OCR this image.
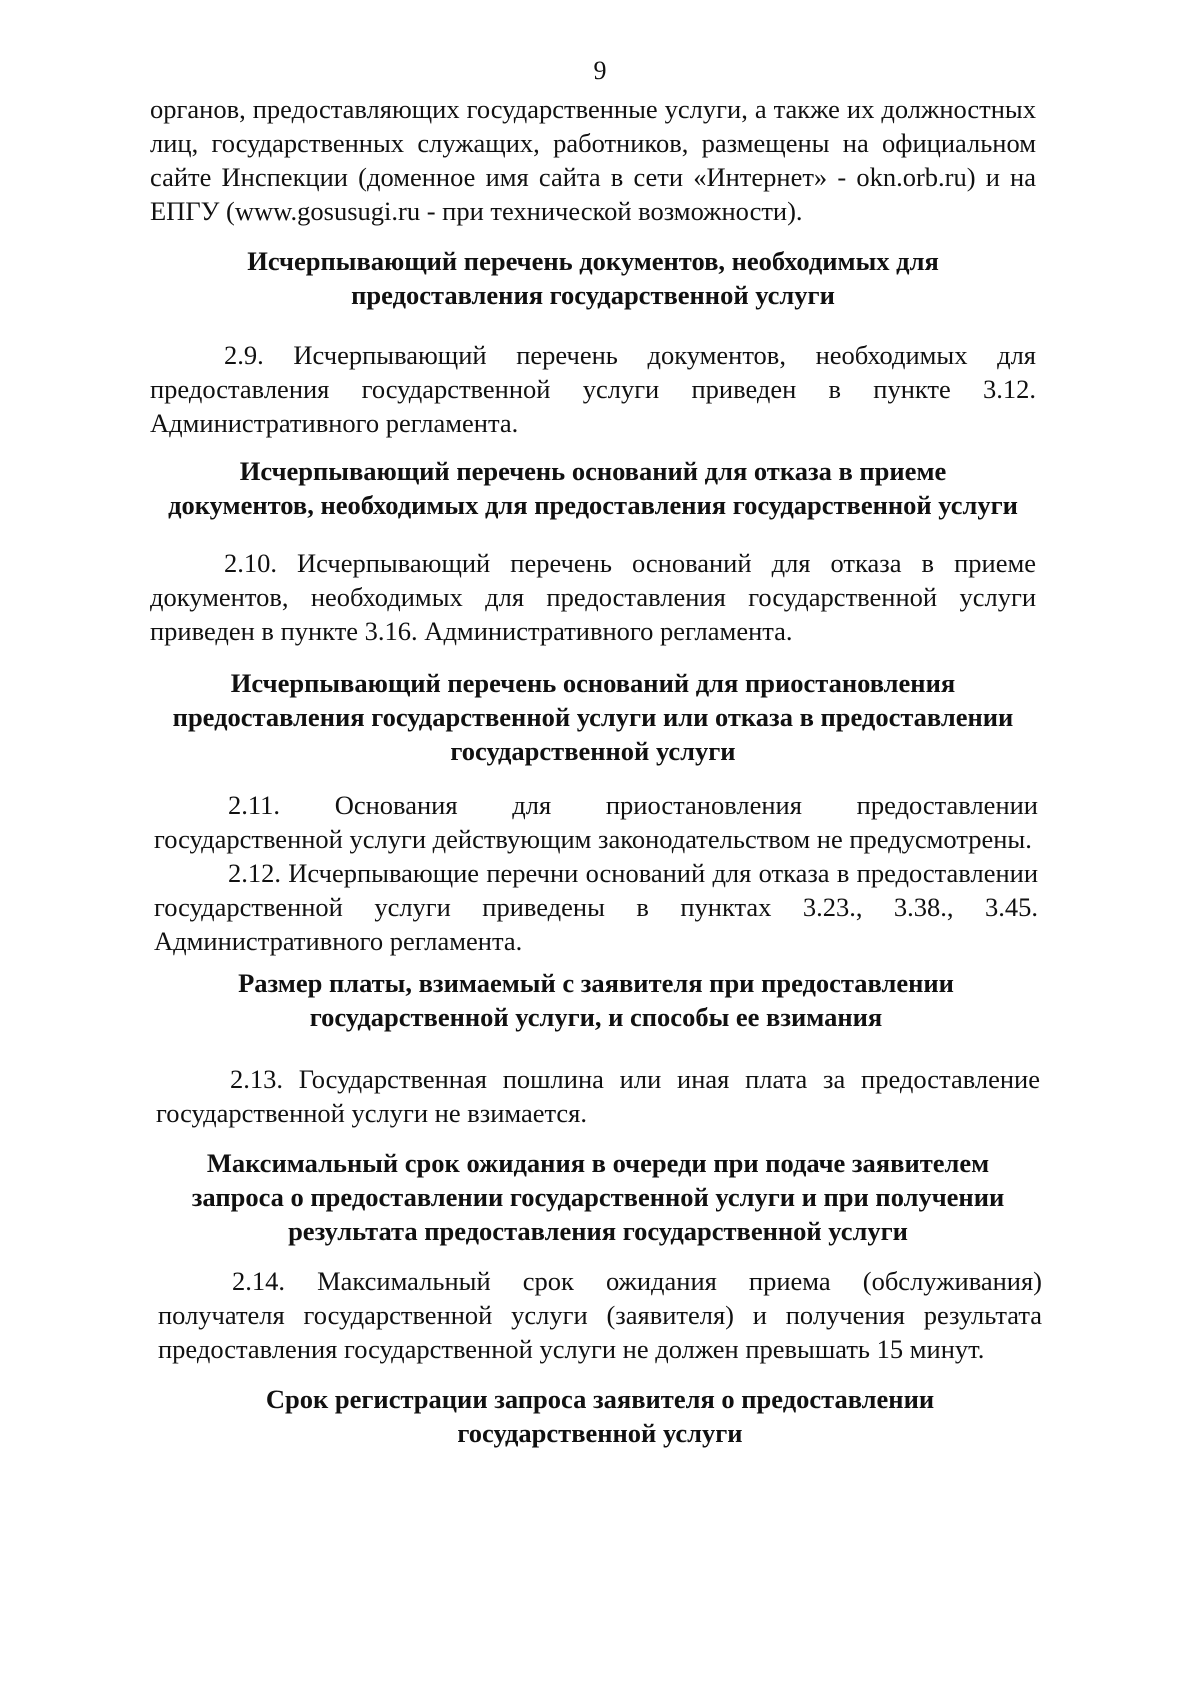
9

органов, предоставляющих государственные услуги, а также их должностных лиц, государственных служащих, работников, размещены на официальном сайте Инспекции (доменное имя сайта в сети «Интернет» - okn.orb.ru) и на ЕПГУ (www.gosusugi.ru - при технической возможности).

Исчерпывающий перечень документов, необходимых для
предоставления государственной услуги

2.9. Исчерпывающий перечень документов, необходимых для предоставления государственной услуги приведен в пункте 3.12. Административного регламента.

Исчерпывающий перечень оснований для отказа в приеме
документов, необходимых для предоставления государственной услуги

2.10. Исчерпывающий перечень оснований для отказа в приеме документов, необходимых для предоставления государственной услуги приведен в пункте 3.16. Административного регламента.

Исчерпывающий перечень оснований для приостановления
предоставления государственной услуги или отказа в предоставлении
государственной услуги

2.11. Основания для приостановления предоставлении государственной услуги действующим законодательством не предусмотрены.

2.12. Исчерпывающие перечни оснований для отказа в предоставлении государственной услуги приведены в пунктах 3.23., 3.38., 3.45. Административного регламента.

Размер платы, взимаемый с заявителя при предоставлении
государственной услуги, и способы ее взимания

2.13. Государственная пошлина или иная плата за предоставление государственной услуги не взимается.

Максимальный срок ожидания в очереди при подаче заявителем
запроса о предоставлении государственной услуги и при получении
результата предоставления государственной услуги

2.14. Максимальный срок ожидания приема (обслуживания) получателя государственной услуги (заявителя) и получения результата предоставления государственной услуги не должен превышать 15 минут.

Срок регистрации запроса заявителя о предоставлении
государственной услуги
